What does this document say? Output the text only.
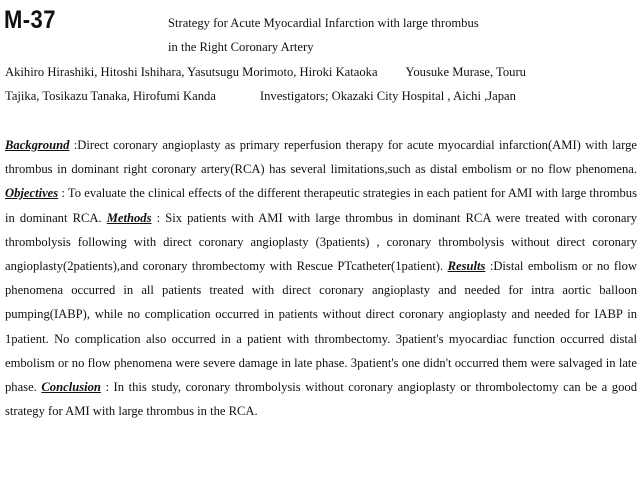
M-37	Strategy for Acute Myocardial Infarction with large thrombus
in the Right Coronary Artery
Akihiro Hirashiki, Hitoshi Ishihara, Yasutsugu Morimoto, Hiroki Kataoka Yousuke Murase, Touru
Tajika, Tosikazu Tanaka, Hirofumi Kanda	Investigators; Okazaki City Hospital , Aichi ,Japan

Background :Direct coronary angioplasty as primary reperfusion therapy for acute myocardial infarction(AMI) with large thrombus in dominant right coronary artery(RCA) has several limitations,such as distal embolism or no flow phenomena. Objectives : To evaluate the clinical effects of the different therapeutic strategies in each patient for AMI with large thrombus in dominant RCA. Methods : Six patients with AMI with large thrombus in dominant RCA were treated with coronary thrombolysis following with direct coronary angioplasty (3patients) , coronary thrombolysis without direct coronary angioplasty(2patients),and coronary thrombectomy with Rescue PTcatheter(1patient). Results :Distal embolism or no flow phenomena occurred in all patients treated with direct coronary angioplasty and needed for intra aortic balloon pumping(IABP), while no complication occurred in patients without direct coronary angioplasty and needed for IABP in 1patient. No complication also occurred in a patient with thrombectomy. 3patient's myocardiac function occurred distal embolism or no flow phenomena were severe damage in late phase. 3patient's one didn't occurred them were salvaged in late phase. Conclusion : In this study, coronary thrombolysis without coronary angioplasty or thrombolectomy can be a good strategy for AMI with large thrombus in the RCA.
